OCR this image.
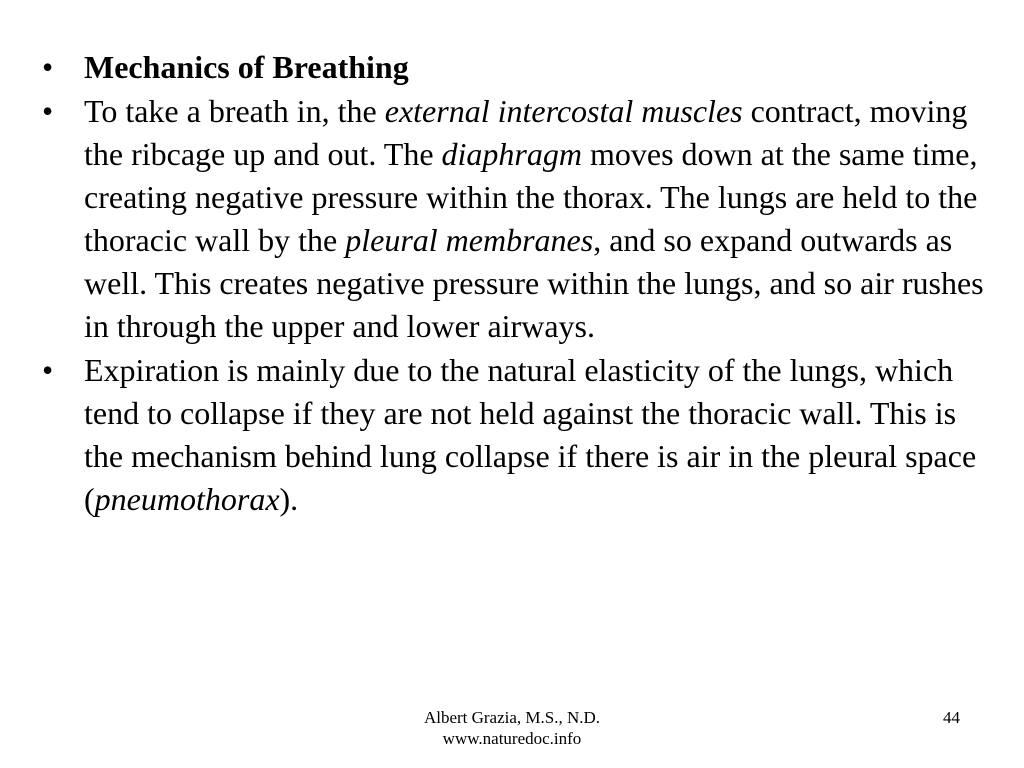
• Mechanics of Breathing
• To take a breath in, the external intercostal muscles contract, moving the ribcage up and out. The diaphragm moves down at the same time, creating negative pressure within the thorax. The lungs are held to the thoracic wall by the pleural membranes, and so expand outwards as well. This creates negative pressure within the lungs, and so air rushes in through the upper and lower airways.
• Expiration is mainly due to the natural elasticity of the lungs, which tend to collapse if they are not held against the thoracic wall. This is the mechanism behind lung collapse if there is air in the pleural space (pneumothorax).
Albert Grazia, M.S., N.D.
www.naturedoc.info
44
